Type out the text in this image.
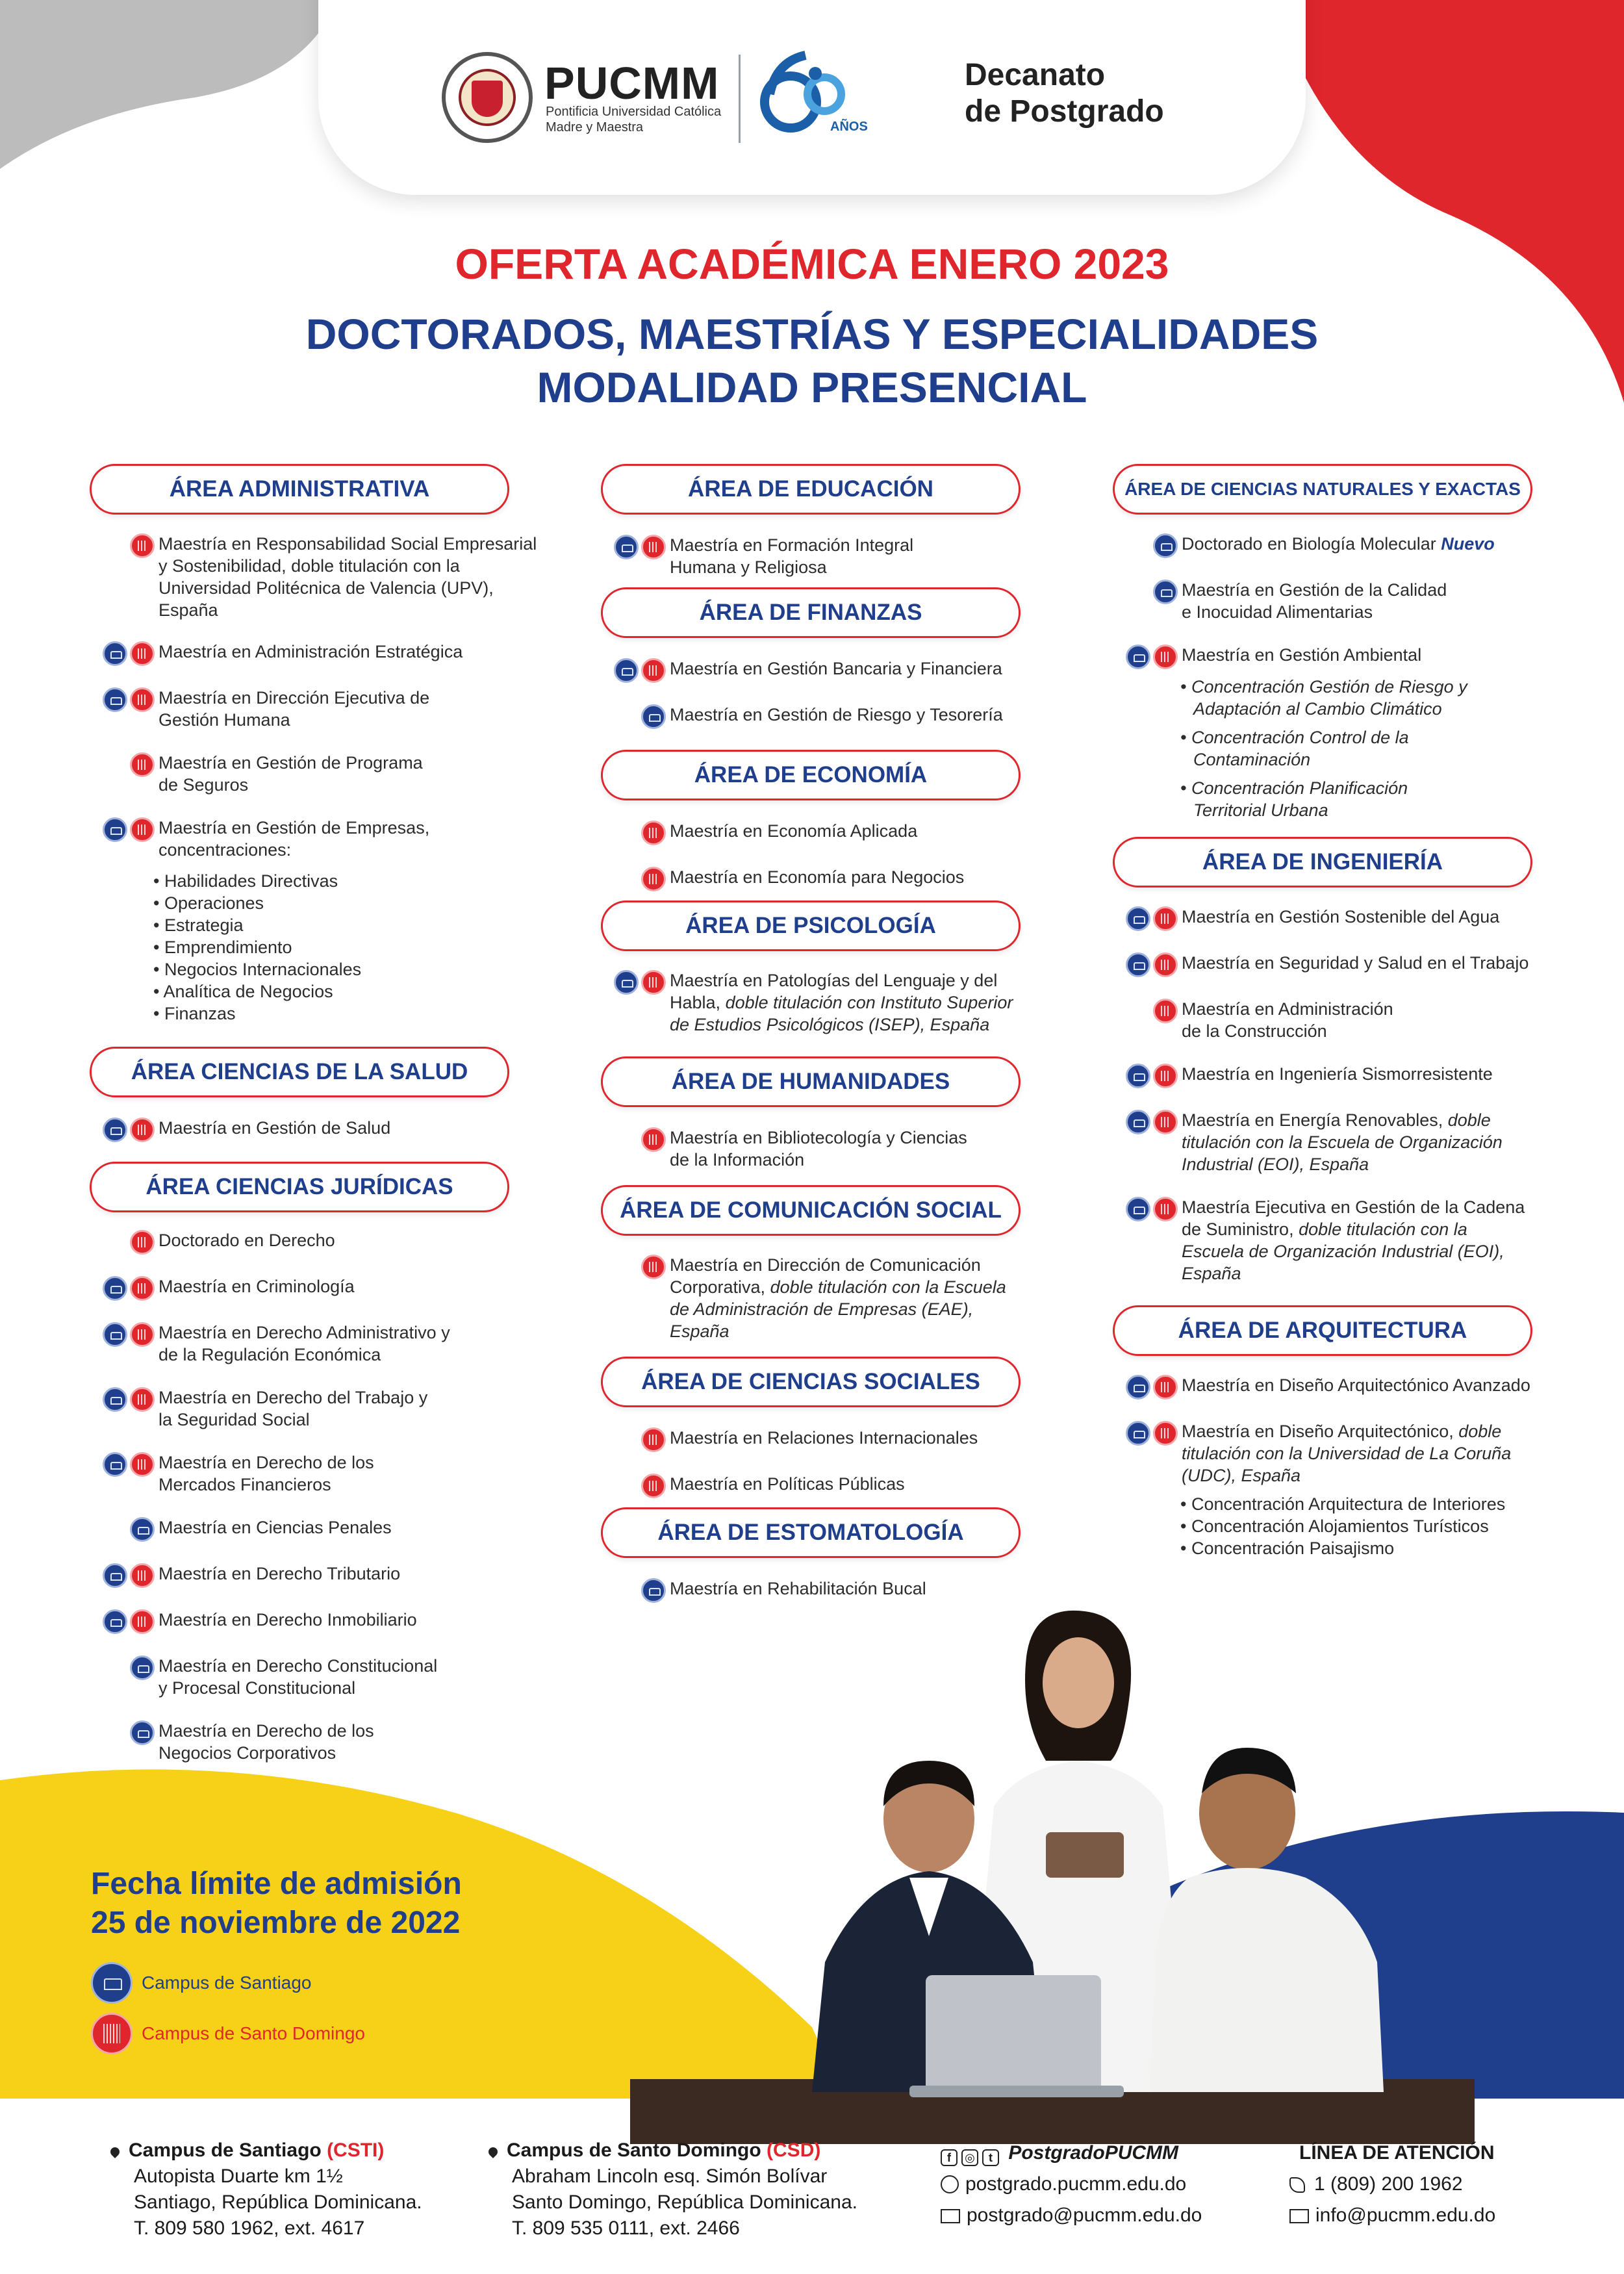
PUCMM
Pontificia Universidad Católica
Madre y Maestra	AÑOS
Decanato
de Postgrado
OFERTA ACADÉMICA ENERO 2023
DOCTORADOS, MAESTRÍAS Y ESPECIALIDADES
MODALIDAD PRESENCIAL
ÁREA ADMINISTRATIVA
Maestría en Responsabilidad Social Empresarial y Sostenibilidad, doble titulación con la Universidad Politécnica de Valencia (UPV), España
Maestría en Administración Estratégica
Maestría en Dirección Ejecutiva de
Gestión Humana
Maestría en Gestión de Programa
de Seguros
Maestría en Gestión de Empresas,
concentraciones:
• Habilidades Directivas
• Operaciones
• Estrategia
• Emprendimiento
• Negocios Internacionales
• Analítica de Negocios
• Finanzas
ÁREA CIENCIAS DE LA SALUD
Maestría en Gestión de Salud
ÁREA CIENCIAS JURÍDICAS
Doctorado en Derecho
Maestría en Criminología
Maestría en Derecho Administrativo y
de la Regulación Económica
Maestría en Derecho del Trabajo y
la Seguridad Social
Maestría en Derecho de los
Mercados Financieros
Maestría en Ciencias Penales
Maestría en Derecho Tributario
Maestría en Derecho Inmobiliario
Maestría en Derecho Constitucional
y Procesal Constitucional
Maestría en Derecho de los
Negocios Corporativos
ÁREA DE EDUCACIÓN
Maestría en Formación Integral
Humana y Religiosa
ÁREA DE FINANZAS
Maestría en Gestión Bancaria y Financiera
Maestría en Gestión de Riesgo y Tesorería
ÁREA DE ECONOMÍA
Maestría en Economía Aplicada
Maestría en Economía para Negocios
ÁREA DE PSICOLOGÍA
Maestría en Patologías del Lenguaje y del
Habla, doble titulación con Instituto Superior
de Estudios Psicológicos (ISEP), España
ÁREA DE HUMANIDADES
Maestría en Bibliotecología y Ciencias
de la Información
ÁREA DE COMUNICACIÓN SOCIAL
Maestría en Dirección de Comunicación
Corporativa, doble titulación con la Escuela
de Administración de Empresas (EAE),
España
ÁREA DE CIENCIAS SOCIALES
Maestría en Relaciones Internacionales
Maestría en Políticas Públicas
ÁREA DE ESTOMATOLOGÍA
Maestría en Rehabilitación Bucal
ÁREA DE CIENCIAS NATURALES Y EXACTAS
Doctorado en Biología Molecular Nuevo
Maestría en Gestión de la Calidad
e Inocuidad Alimentarias
Maestría en Gestión Ambiental
• Concentración Gestión de Riesgo y
Adaptación al Cambio Climático
• Concentración Control de la
Contaminación
• Concentración Planificación
Territorial Urbana
ÁREA DE INGENIERÍA
Maestría en Gestión Sostenible del Agua
Maestría en Seguridad y Salud en el Trabajo
Maestría en Administración
de la Construcción
Maestría en Ingeniería Sismorresistente
Maestría en Energía Renovables, doble
titulación con la Escuela de Organización
Industrial (EOI), España
Maestría Ejecutiva en Gestión de la Cadena
de Suministro, doble titulación con la
Escuela de Organización Industrial (EOI),
España
ÁREA DE ARQUITECTURA
Maestría en Diseño Arquitectónico Avanzado
Maestría en Diseño Arquitectónico, doble
titulación con la Universidad de La Coruña
(UDC), España
• Concentración Arquitectura de Interiores
• Concentración Alojamientos Turísticos
• Concentración Paisajismo
Fecha límite de admisión
25 de noviembre de 2022
Campus de Santiago
Campus de Santo Domingo
Campus de Santiago (CSTI)
Autopista Duarte km 1½
Santiago, República Dominicana.
T. 809 580 1962, ext. 4617
Campus de Santo Domingo (CSD)
Abraham Lincoln esq. Simón Bolívar
Santo Domingo, República Dominicana.
T. 809 535 0111, ext. 2466
f ◎ t PostgradoPUCMM
postgrado.pucmm.edu.do
postgrado@pucmm.edu.do
LÍNEA DE ATENCIÓN
1 (809) 200 1962
info@pucmm.edu.do
